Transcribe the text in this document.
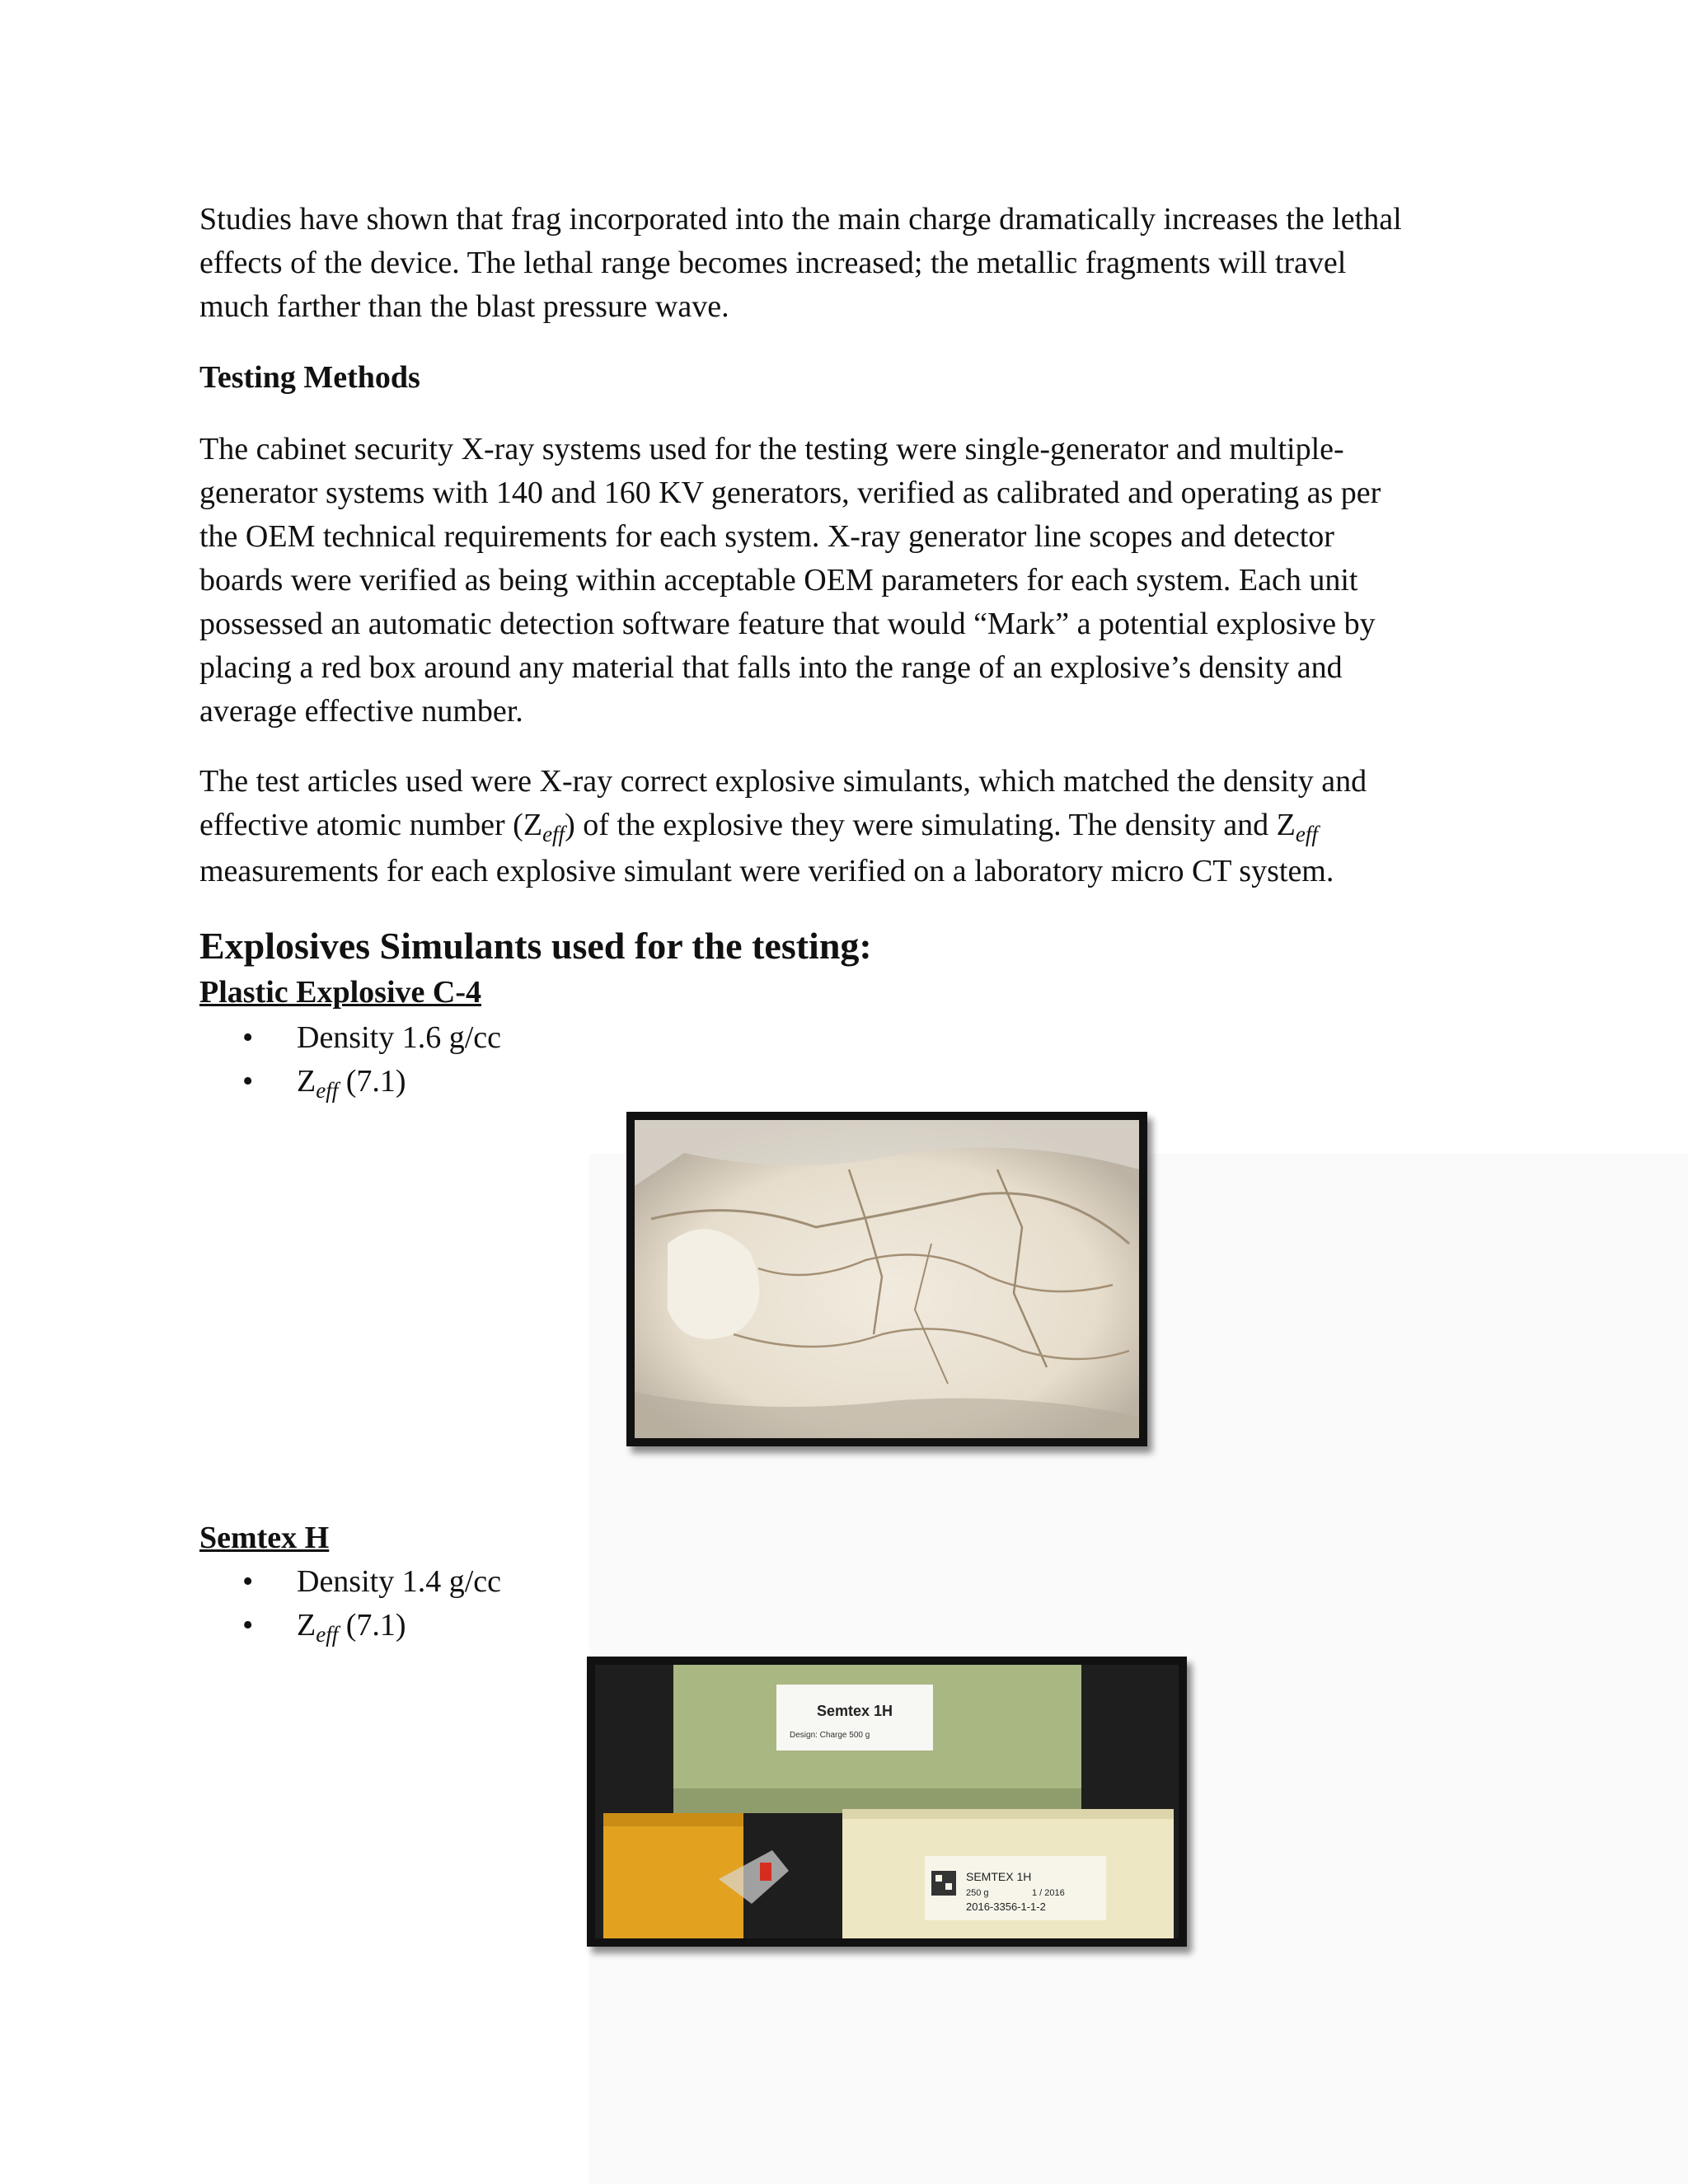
Studies have shown that frag incorporated into the main charge dramatically increases the lethal
effects of the device. The lethal range becomes increased; the metallic fragments will travel
much farther than the blast pressure wave.

Testing Methods

The cabinet security X-ray systems used for the testing were single-generator and multiple-
generator systems with 140 and 160 KV generators, verified as calibrated and operating as per
the OEM technical requirements for each system. X-ray generator line scopes and detector
boards were verified as being within acceptable OEM parameters for each system. Each unit
possessed an automatic detection software feature that would “Mark” a potential explosive by
placing a red box around any material that falls into the range of an explosive’s density and
average effective number.

The test articles used were X-ray correct explosive simulants, which matched the density and
effective atomic number $(Z_{eff})$ of the explosive they were simulating. The density and $Z_{eff}$
measurements for each explosive simulant were verified on a laboratory micro CT system.

Explosives Simulants used for the testing:
Plastic Explosive C-4
• Density 1.6 g/cc
• $Z_{eff}$ (7.1)
Semtex H
• Density 1.4 g/cc
• $Z_{eff}$ (7.1)
Semtex 1H
Design: Charge 500 g
SEMTEX 1H
250 g	1 / 2016
2016-3356-1-1-2
